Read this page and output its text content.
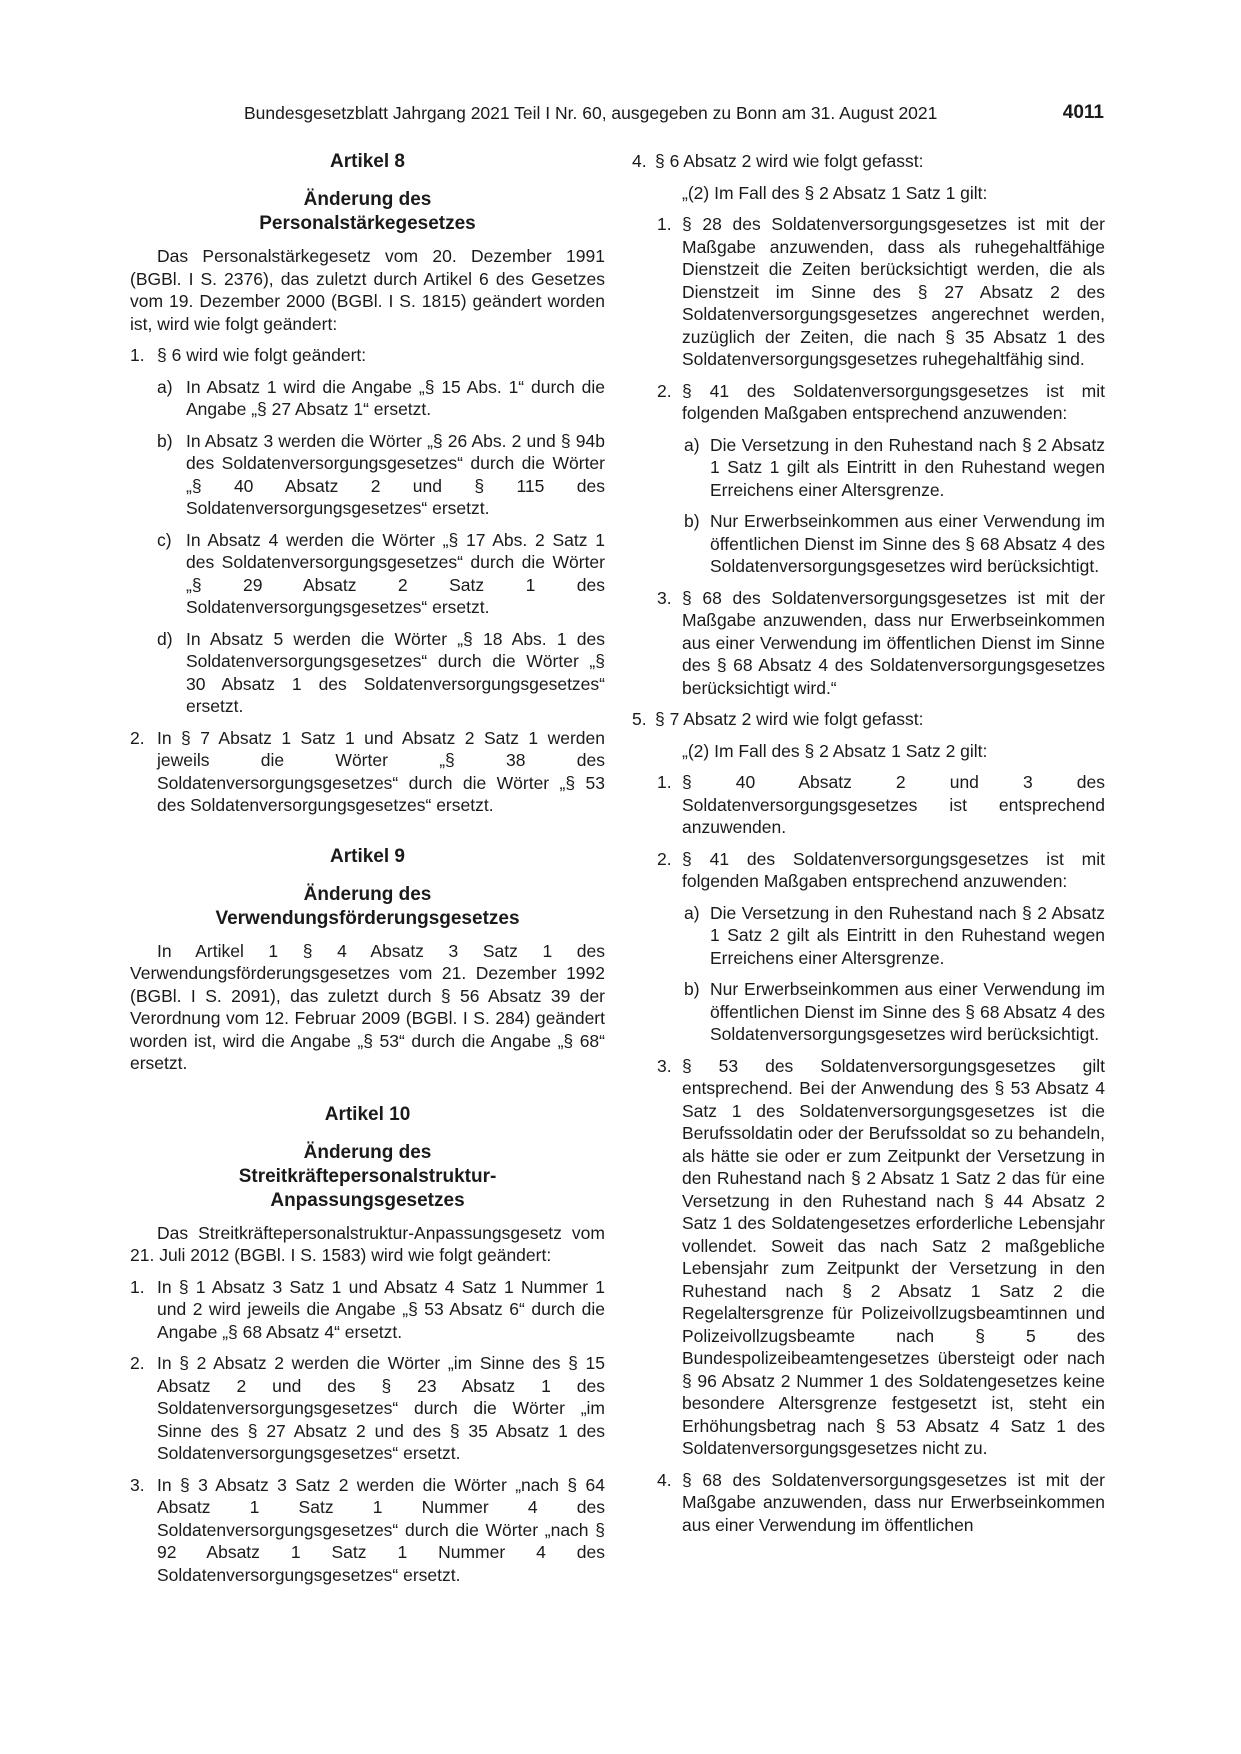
Bundesgesetzblatt Jahrgang 2021 Teil I Nr. 60, ausgegeben zu Bonn am 31. August 2021	4011
Artikel 8
Änderung des
Personalstärkegesetzes

Das Personalstärkegesetz vom 20. Dezember 1991 (BGBl. I S. 2376), das zuletzt durch Artikel 6 des Gesetzes vom 19. Dezember 2000 (BGBl. I S. 1815) geändert worden ist, wird wie folgt geändert:

1. § 6 wird wie folgt geändert:
a) In Absatz 1 wird die Angabe „§ 15 Abs. 1“ durch die Angabe „§ 27 Absatz 1“ ersetzt.
b) In Absatz 3 werden die Wörter „§ 26 Abs. 2 und § 94b des Soldatenversorgungsgesetzes“ durch die Wörter „§ 40 Absatz 2 und § 115 des Soldatenversorgungsgesetzes“ ersetzt.
c) In Absatz 4 werden die Wörter „§ 17 Abs. 2 Satz 1 des Soldatenversorgungsgesetzes“ durch die Wörter „§ 29 Absatz 2 Satz 1 des Soldatenversorgungsgesetzes“ ersetzt.
d) In Absatz 5 werden die Wörter „§ 18 Abs. 1 des Soldatenversorgungsgesetzes“ durch die Wörter „§ 30 Absatz 1 des Soldatenversorgungsgesetzes“ ersetzt.
2. In § 7 Absatz 1 Satz 1 und Absatz 2 Satz 1 werden jeweils die Wörter „§ 38 des Soldatenversorgungsgesetzes“ durch die Wörter „§ 53 des Soldatenversorgungsgesetzes“ ersetzt.
Artikel 9
Änderung des
Verwendungsförderungsgesetzes

In Artikel 1 § 4 Absatz 3 Satz 1 des Verwendungsförderungsgesetzes vom 21. Dezember 1992 (BGBl. I S. 2091), das zuletzt durch § 56 Absatz 39 der Verordnung vom 12. Februar 2009 (BGBl. I S. 284) geändert worden ist, wird die Angabe „§ 53“ durch die Angabe „§ 68“ ersetzt.

Artikel 10
Änderung des
Streitkräftepersonalstruktur-
Anpassungsgesetzes

Das Streitkräftepersonalstruktur-Anpassungsgesetz vom 21. Juli 2012 (BGBl. I S. 1583) wird wie folgt geändert:

1. In § 1 Absatz 3 Satz 1 und Absatz 4 Satz 1 Nummer 1 und 2 wird jeweils die Angabe „§ 53 Absatz 6“ durch die Angabe „§ 68 Absatz 4“ ersetzt.
2. In § 2 Absatz 2 werden die Wörter „im Sinne des § 15 Absatz 2 und des § 23 Absatz 1 des Soldatenversorgungsgesetzes“ durch die Wörter „im Sinne des § 27 Absatz 2 und des § 35 Absatz 1 des Soldatenversorgungsgesetzes“ ersetzt.
3. In § 3 Absatz 3 Satz 2 werden die Wörter „nach § 64 Absatz 1 Satz 1 Nummer 4 des Soldatenversorgungsgesetzes“ durch die Wörter „nach § 92 Absatz 1 Satz 1 Nummer 4 des Soldatenversorgungsgesetzes“ ersetzt.
4. § 6 Absatz 2 wird wie folgt gefasst:

„(2) Im Fall des § 2 Absatz 1 Satz 1 gilt:

1. § 28 des Soldatenversorgungsgesetzes ist mit der Maßgabe anzuwenden, dass als ruhegehaltfähige Dienstzeit die Zeiten berücksichtigt werden, die als Dienstzeit im Sinne des § 27 Absatz 2 des Soldatenversorgungsgesetzes angerechnet werden, zuzüglich der Zeiten, die nach § 35 Absatz 1 des Soldatenversorgungsgesetzes ruhegehaltfähig sind.
2. § 41 des Soldatenversorgungsgesetzes ist mit folgenden Maßgaben entsprechend anzuwenden:
a) Die Versetzung in den Ruhestand nach § 2 Absatz 1 Satz 1 gilt als Eintritt in den Ruhestand wegen Erreichens einer Altersgrenze.
b) Nur Erwerbseinkommen aus einer Verwendung im öffentlichen Dienst im Sinne des § 68 Absatz 4 des Soldatenversorgungsgesetzes wird berücksichtigt.
3. § 68 des Soldatenversorgungsgesetzes ist mit der Maßgabe anzuwenden, dass nur Erwerbseinkommen aus einer Verwendung im öffentlichen Dienst im Sinne des § 68 Absatz 4 des Soldatenversorgungsgesetzes berücksichtigt wird.“
5. § 7 Absatz 2 wird wie folgt gefasst:

„(2) Im Fall des § 2 Absatz 1 Satz 2 gilt:

1. § 40 Absatz 2 und 3 des Soldatenversorgungsgesetzes ist entsprechend anzuwenden.
2. § 41 des Soldatenversorgungsgesetzes ist mit folgenden Maßgaben entsprechend anzuwenden:
a) Die Versetzung in den Ruhestand nach § 2 Absatz 1 Satz 2 gilt als Eintritt in den Ruhestand wegen Erreichens einer Altersgrenze.
b) Nur Erwerbseinkommen aus einer Verwendung im öffentlichen Dienst im Sinne des § 68 Absatz 4 des Soldatenversorgungsgesetzes wird berücksichtigt.
3. § 53 des Soldatenversorgungsgesetzes gilt entsprechend. Bei der Anwendung des § 53 Absatz 4 Satz 1 des Soldatenversorgungsgesetzes ist die Berufssoldatin oder der Berufssoldat so zu behandeln, als hätte sie oder er zum Zeitpunkt der Versetzung in den Ruhestand nach § 2 Absatz 1 Satz 2 das für eine Versetzung in den Ruhestand nach § 44 Absatz 2 Satz 1 des Soldatengesetzes erforderliche Lebensjahr vollendet. Soweit das nach Satz 2 maßgebliche Lebensjahr zum Zeitpunkt der Versetzung in den Ruhestand nach § 2 Absatz 1 Satz 2 die Regelaltersgrenze für Polizeivollzugsbeamtinnen und Polizeivollzugsbeamte nach § 5 des Bundespolizeibeamtengesetzes übersteigt oder nach § 96 Absatz 2 Nummer 1 des Soldatengesetzes keine besondere Altersgrenze festgesetzt ist, steht ein Erhöhungsbetrag nach § 53 Absatz 4 Satz 1 des Soldatenversorgungsgesetzes nicht zu.
4. § 68 des Soldatenversorgungsgesetzes ist mit der Maßgabe anzuwenden, dass nur Erwerbseinkommen aus einer Verwendung im öffentlichen
